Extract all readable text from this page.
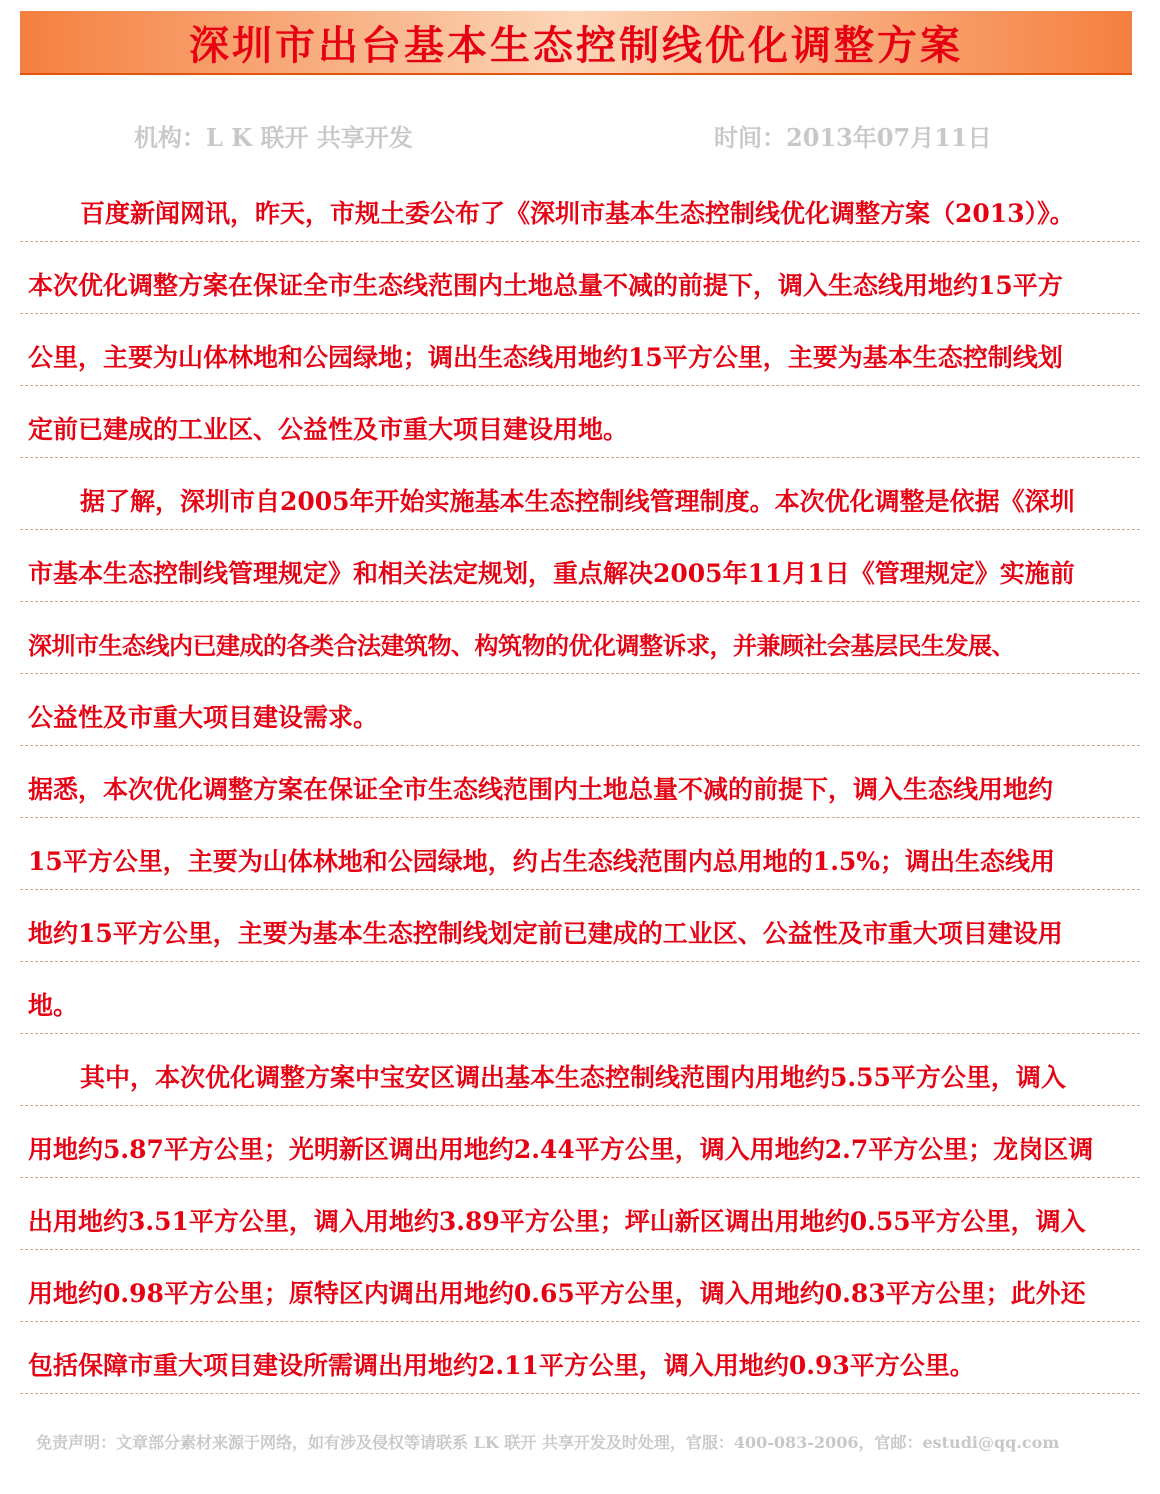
深圳市出台基本生态控制线优化调整方案
机构：L K 联开 共享开发	时间：2013年07月11日
百度新闻网讯，昨天，市规土委公布了《深圳市基本生态控制线优化调整方案（2013）》。
本次优化调整方案在保证全市生态线范围内土地总量不减的前提下，调入生态线用地约15平方
公里，主要为山体林地和公园绿地；调出生态线用地约15平方公里，主要为基本生态控制线划
定前已建成的工业区、公益性及市重大项目建设用地。
据了解，深圳市自2005年开始实施基本生态控制线管理制度。本次优化调整是依据《深圳
市基本生态控制线管理规定》和相关法定规划，重点解决2005年11月1日《管理规定》实施前
深圳市生态线内已建成的各类合法建筑物、构筑物的优化调整诉求，并兼顾社会基层民生发展、
公益性及市重大项目建设需求。
据悉，本次优化调整方案在保证全市生态线范围内土地总量不减的前提下，调入生态线用地约
15平方公里，主要为山体林地和公园绿地，约占生态线范围内总用地的1.5%；调出生态线用
地约15平方公里，主要为基本生态控制线划定前已建成的工业区、公益性及市重大项目建设用
地。
其中，本次优化调整方案中宝安区调出基本生态控制线范围内用地约5.55平方公里，调入
用地约5.87平方公里；光明新区调出用地约2.44平方公里，调入用地约2.7平方公里；龙岗区调
出用地约3.51平方公里，调入用地约3.89平方公里；坪山新区调出用地约0.55平方公里，调入
用地约0.98平方公里；原特区内调出用地约0.65平方公里，调入用地约0.83平方公里；此外还
包括保障市重大项目建设所需调出用地约2.11平方公里，调入用地约0.93平方公里。
免责声明：文章部分素材来源于网络，如有涉及侵权等请联系 LK 联开 共享开发及时处理，官服：400-083-2006，官邮：estudi@qq.com
